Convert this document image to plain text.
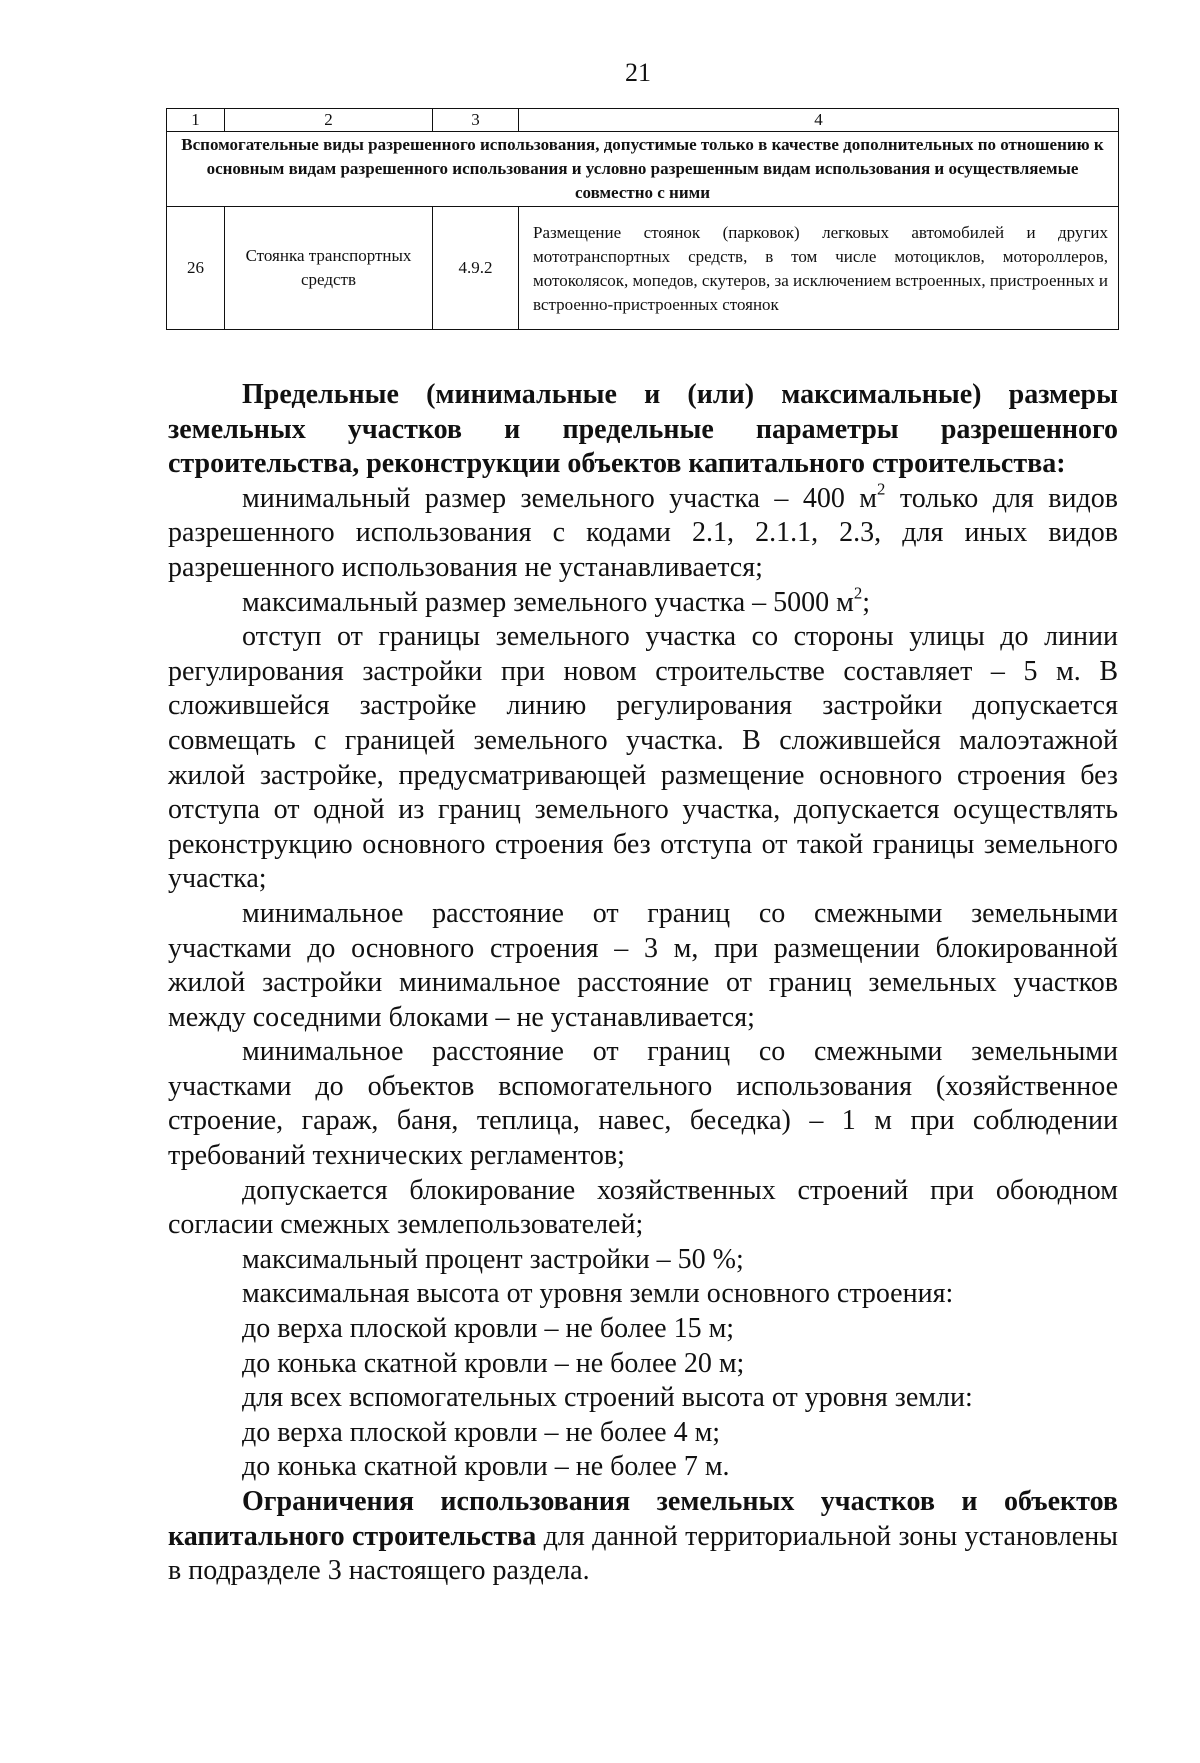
21
1	2	3	4
Вспомогательные виды разрешенного использования, допустимые только в качестве дополнительных по отношению к основным видам разрешенного использования и условно разрешенным видам использования и осуществляемые совместно с ними			
26	Стоянка транспортных средств	4.9.2	Размещение стоянок (парковок) легковых автомобилей и других мототранспортных средств, в том числе мотоциклов, мотороллеров, мотоколясок, мопедов, скутеров, за исключением встроенных, пристроенных и встроенно-пристроенных стоянок

Предельные (минимальные и (или) максимальные) размеры земельных участков и предельные параметры разрешенного строительства, реконструкции объектов капитального строительства:

минимальный размер земельного участка – 400 $м^2$ только для видов разрешенного использования с кодами 2.1, 2.1.1, 2.3, для иных видов разрешенного использования не устанавливается;

максимальный размер земельного участка – 5000 $м^2$;

отступ от границы земельного участка со стороны улицы до линии регулирования застройки при новом строительстве составляет – 5 м. В сложившейся застройке линию регулирования застройки допускается совмещать с границей земельного участка. В сложившейся малоэтажной жилой застройке, предусматривающей размещение основного строения без отступа от одной из границ земельного участка, допускается осуществлять реконструкцию основного строения без отступа от такой границы земельного участка;

минимальное расстояние от границ со смежными земельными участками до основного строения – 3 м, при размещении блокированной жилой застройки минимальное расстояние от границ земельных участков между соседними блоками – не устанавливается;

минимальное расстояние от границ со смежными земельными участками до объектов вспомогательного использования (хозяйственное строение, гараж, баня, теплица, навес, беседка) – 1 м при соблюдении требований технических регламентов;

допускается блокирование хозяйственных строений при обоюдном согласии смежных землепользователей;

максимальный процент застройки – 50 %;

максимальная высота от уровня земли основного строения:

до верха плоской кровли – не более 15 м;

до конька скатной кровли – не более 20 м;

для всех вспомогательных строений высота от уровня земли:

до верха плоской кровли – не более 4 м;

до конька скатной кровли – не более 7 м.

Ограничения использования земельных участков и объектов капитального строительства для данной территориальной зоны установлены в подразделе 3 настоящего раздела.
